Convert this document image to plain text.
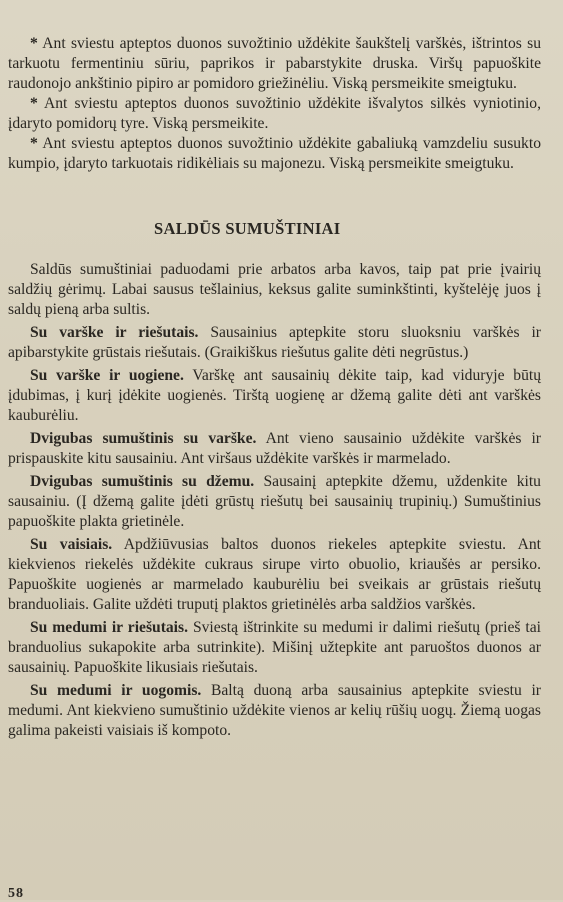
* Ant sviestu apteptos duonos suvožtinio uždėkite šaukštelį varškės, ištrintos su tarkuotu fermentiniu sūriu, paprikos ir pabarstykite druska. Viršų papuoškite raudonojo ankštinio pipiro ar pomidoro griežinėliu. Viską persmeikite smeigtuku.

* Ant sviestu apteptos duonos suvožtinio uždėkite išvalytos silkės vyniotinio, įdaryto pomidorų tyre. Viską persmeikite.

* Ant sviestu apteptos duonos suvožtinio uždėkite gabaliuką vamzdeliu susukto kumpio, įdaryto tarkuotais ridikėliais su majonezu. Viską persmeikite smeigtuku.

SALDŪS SUMUŠTINIAI

Saldūs sumuštiniai paduodami prie arbatos arba kavos, taip pat prie įvairių saldžių gėrimų. Labai sausus tešlainius, keksus galite suminkštinti, kyštelėję juos į saldų pieną arba sultis.

Su varške ir riešutais. Sausainius aptepkite storu sluoksniu varškės ir apibarstykite grūstais riešutais. (Graikiškus riešutus galite dėti negrūstus.)

Su varške ir uogiene. Varškę ant sausainių dėkite taip, kad viduryje būtų įdubimas, į kurį įdėkite uogienės. Tirštą uogienę ar džemą galite dėti ant varškės kauburėliu.

Dvigubas sumuštinis su varške. Ant vieno sausainio uždėkite varškės ir prispauskite kitu sausainiu. Ant viršaus uždėkite varškės ir marmelado.

Dvigubas sumuštinis su džemu. Sausainį aptepkite džemu, uždenkite kitu sausainiu. (Į džemą galite įdėti grūstų riešutų bei sausainių trupinių.) Sumuštinius papuoškite plakta grietinėle.

Su vaisiais. Apdžiūvusias baltos duonos riekeles aptepkite sviestu. Ant kiekvienos riekelės uždėkite cukraus sirupe virto obuolio, kriaušės ar persiko. Papuoškite uogienės ar marmelado kauburėliu bei sveikais ar grūstais riešutų branduoliais. Galite uždėti truputį plaktos grietinėlės arba saldžios varškės.

Su medumi ir riešutais. Sviestą ištrinkite su medumi ir dalimi riešutų (prieš tai branduolius sukapokite arba sutrinkite). Mišinį užtepkite ant paruoštos duonos ar sausainių. Papuoškite likusiais riešutais.

Su medumi ir uogomis. Baltą duoną arba sausainius aptepkite sviestu ir medumi. Ant kiekvieno sumuštinio uždėkite vienos ar kelių rūšių uogų. Žiemą uogas galima pakeisti vaisiais iš kompoto.

58
